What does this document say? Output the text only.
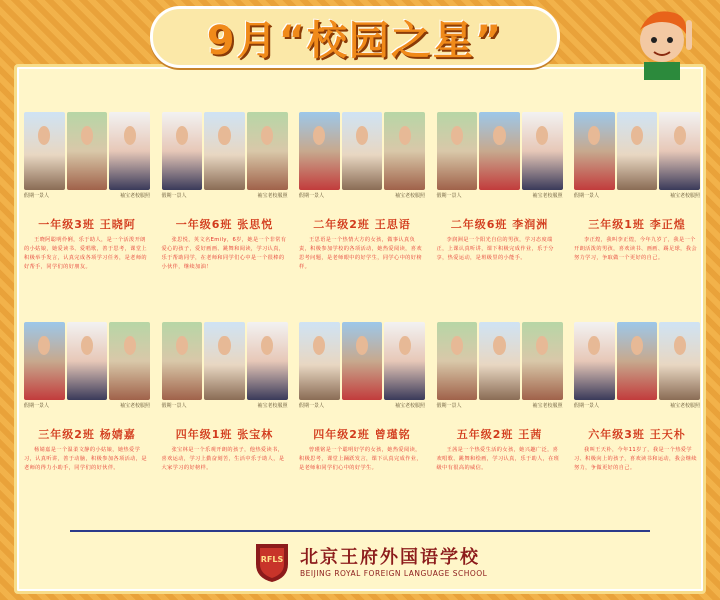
9月“校园之星”
假期一景人	袖宝老校服照
一年级3班 王晓阿
王晓阿聪明伶俐，乐于助人，是一个活泼开朗的小姑娘，她爱读书、爱唱歌，善于思考，课堂上积极举手发言，认真完成各项学习任务，是老师的好帮手，同学们的好朋友。
假期一景人	袖宝老校服照
一年级6班 张思悦
张思悦，英文名Emily，6岁，她是一个非常有爱心的孩子，爱好画画、跳舞和阅读，学习认真，乐于帮助同学，在老师和同学们心中是一个很棒的小伙伴，继续加油！
假期一景人	袖宝老校服照
二年级2班 王思语
王思语是一个热情大方的女孩，做事认真负责，积极参加学校的各项活动，她热爱阅读，喜欢思考问题，是老师眼中的好学生，同学心中的好榜样。
假期一景人	袖宝老校服照
二年级6班 李润洲
李润洲是一个阳光自信的男孩，学习态度端正，上课认真听讲，课下积极完成作业，乐于分享，热爱运动，是班级里的小能手。
假期一景人	袖宝老校服照
三年级1班 李正煌
李正煌，我叫李正煌，今年九岁了，我是一个开朗活泼的男孩，喜欢读书、画画、踢足球，我会努力学习，争取做一个更好的自己。
假期一景人	袖宝老校服照
三年级2班 杨婧嘉
杨婧嘉是一个温柔文静的小姑娘，她热爱学习，认真听讲，善于动脑，积极参加各项活动，是老师的得力小助手，同学们的好伙伴。
假期一景人	袖宝老校服照
四年级1班 张宝林
张宝林是一个乐观开朗的孩子，他热爱读书，喜欢运动，学习上勤奋刻苦，生活中乐于助人，是大家学习的好榜样。
假期一景人	袖宝老校服照
四年级2班 曾瑾铭
曾瑾铭是一个聪明好学的女孩，她热爱阅读，积极思考，课堂上踊跃发言，课下认真完成作业，是老师和同学们心中的好学生。
假期一景人	袖宝老校服照
五年级2班 王茜
王茜是一个热爱生活的女孩，她兴趣广泛，喜欢唱歌、跳舞和绘画，学习认真，乐于助人，在班级中有很高的威信。
假期一景人	袖宝老校服照
六年级3班 王天朴
我叫王天朴，今年11岁了，我是一个热爱学习、积极向上的孩子，喜欢读书和运动，我会继续努力，争做更好的自己。
RFLS 北京王府外国语学校
BEIJING ROYAL FOREIGN LANGUAGE SCHOOL
